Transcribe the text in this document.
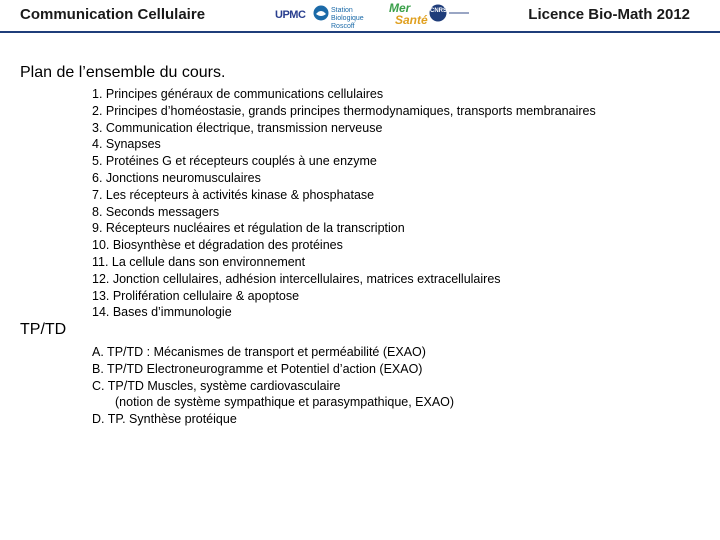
Communication Cellulaire	UPMC	Station Biologique Roscoff
Mer
Santé
CNRS	Licence Bio-Math 2012
Plan de l’ensemble du cours.
1. Principes généraux de communications cellulaires
2. Principes d’homéostasie, grands principes thermodynamiques, transports membranaires
3. Communication électrique, transmission nerveuse
4. Synapses
5. Protéines G et récepteurs couplés à une enzyme
6. Jonctions neuromusculaires
7. Les récepteurs à activités kinase & phosphatase
8. Seconds messagers
9. Récepteurs nucléaires et régulation de la transcription
10. Biosynthèse et dégradation des protéines
11. La cellule dans son environnement
12. Jonction cellulaires, adhésion intercellulaires, matrices extracellulaires
13. Prolifération cellulaire & apoptose
14. Bases d’immunologie
TP/TD
A. TP/TD : Mécanismes de transport et perméabilité (EXAO)
B. TP/TD Electroneurogramme et Potentiel d’action (EXAO)
C. TP/TD Muscles, système cardiovasculaire
(notion de système sympathique et parasympathique, EXAO)
D. TP. Synthèse protéique
